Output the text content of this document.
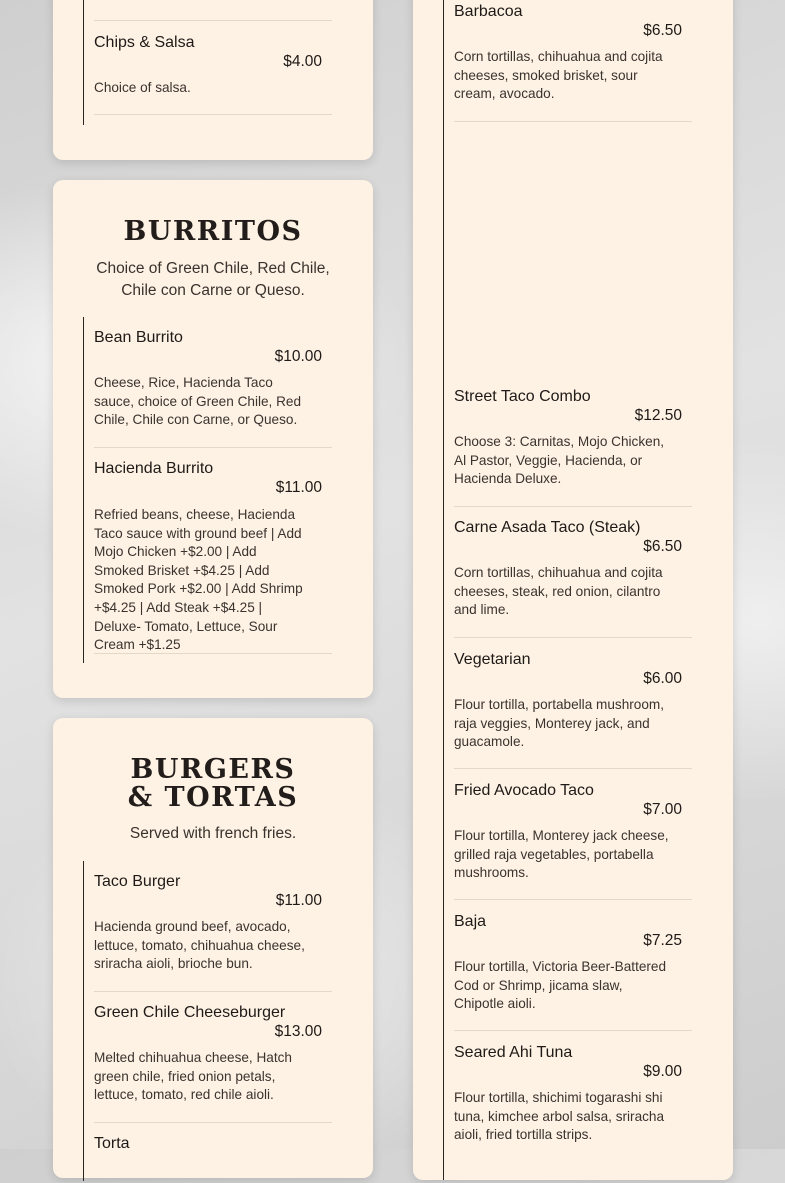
Chips & Salsa
$4.00
Choice of salsa.
BURRITOS
Choice of Green Chile, Red Chile, Chile con Carne or Queso.
Bean Burrito
$10.00
Cheese, Rice, Hacienda Taco sauce, choice of Green Chile, Red Chile, Chile con Carne, or Queso.
Hacienda Burrito
$11.00
Refried beans, cheese, Hacienda Taco sauce with ground beef | Add Mojo Chicken +$2.00 | Add Smoked Brisket +$4.25 | Add Smoked Pork +$2.00 | Add Shrimp +$4.25 | Add Steak +$4.25 | Deluxe- Tomato, Lettuce, Sour Cream +$1.25
BURGERS & TORTAS
Served with french fries.
Taco Burger
$11.00
Hacienda ground beef, avocado, lettuce, tomato, chihuahua cheese, sriracha aioli, brioche bun.
Green Chile Cheeseburger
$13.00
Melted chihuahua cheese, Hatch green chile, fried onion petals, lettuce, tomato, red chile aioli.
Torta
Barbacoa
$6.50
Corn tortillas, chihuahua and cojita cheeses, smoked brisket, sour cream, avocado.
Street Taco Combo
$12.50
Choose 3: Carnitas, Mojo Chicken, Al Pastor, Veggie, Hacienda, or Hacienda Deluxe.
Carne Asada Taco (Steak)
$6.50
Corn tortillas, chihuahua and cojita cheeses, steak, red onion, cilantro and lime.
Vegetarian
$6.00
Flour tortilla, portabella mushroom, raja veggies, Monterey jack, and guacamole.
Fried Avocado Taco
$7.00
Flour tortilla, Monterey jack cheese, grilled raja vegetables, portabella mushrooms.
Baja
$7.25
Flour tortilla, Victoria Beer-Battered Cod or Shrimp, jicama slaw, Chipotle aioli.
Seared Ahi Tuna
$9.00
Flour tortilla, shichimi togarashi shi tuna, kimchee arbol salsa, sriracha aioli, fried tortilla strips.
